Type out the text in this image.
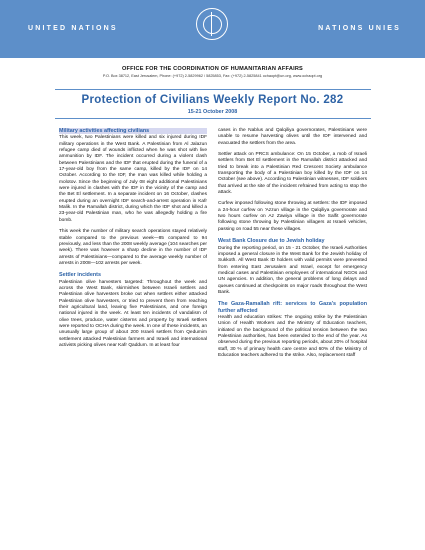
UNITED NATIONS	NATIONS UNIES
OFFICE FOR THE COORDINATION OF HUMANITARIAN AFFAIRS
P.O. Box 38712, East Jerusalem, Phone: (+972) 2-5829962 / 5825853, Fax: (+972) 2-5825841 ochaopt@un.org, www.ochaopt.org
Protection of Civilians Weekly Report No. 282
15-21 October 2008
Military activities affecting civilians

This week, two Palestinians were killed and six injured during IDF military operations in the West Bank. A Palestinian from Al Jalazun refugee camp died of wounds inflicted when he was shot with live ammunition by IDF. The incident occurred during a violent clash between Palestinians and the IDF that erupted during the funeral of a 17-year-old boy from the same camp, killed by the IDF on 14 October. According to the IDF, the man was killed while holding a molotov. Since the beginning of July 08 eight additional Palestinians were injured in clashes with the IDF in the vicinity of the camp and the Bet El settlement. In a separate incident on 16 October, clashes erupted during an overnight IDF search-and-arrest operation in Kafr Malik. In the Ramallah district, during which the IDF shot and killed a 23-year-old Palestinian man, who he was allegedly holding a fire bomb.

This week the number of military search operations stayed relatively stable compared to the previous week—85 compared to 94 previously, and less than the 2008 weekly average (104 searches per week). There was however a sharp decline in the number of IDF arrests of Palestinians—compared to the average weekly number of arrests in 2008—102 arrests per week.

Settler incidents

Palestinian olive harvesters targeted: Throughout the week and across the West Bank, skirmishes between Israeli settlers and Palestinian olive harvesters broke out when settlers either attacked Palestinian olive harvesters, or tried to prevent them from reaching their agricultural land, leaving five Palestinians, and one foreign national injured in the week. At least ten incidents of vandalism of olive trees, produce, water cisterns and property by Israeli settlers were reported to OCHA during the week. In one of these incidents, an unusually large group of about 200 Israeli settlers from Qedumim settlement attacked Palestinian farmers and Israeli and international activists picking olives near Kafr Qaddum. In at least four

cases in the Nablus and Qalqiliya governorates, Palestinians were unable to resume harvesting olives until the IDF intervened and evacuated the settlers from the area.

Settler attack on PRCS ambulance: On 15 October, a mob of Israeli settlers from Bet El settlement in the Ramallah district attacked and tried to break into a Palestinian Red Crescent Society ambulance transporting the body of a Palestinian boy killed by the IDF on 14 October (see above). According to Palestinian witnesses, IDF soldiers that arrived at the site of the incident refrained from acting to stop the attack.

Curfew imposed following stone throwing at settlers: the IDF imposed a 24-hour curfew on 'Azzun village in the Qalqiliya governorate and two hours curfew on Az Zawiya village in the Salfit governorate following stone throwing by Palestinian villagers at Israeli vehicles, passing on road 55 near these villages.

West Bank Closure due to Jewish holiday

During the reporting period, on 15 - 21 October, the Israeli Authorities imposed a general closure in the West Bank for the Jewish holiday of Sukkoth. All West Bank ID holders with valid permits were prevented from entering East Jerusalem and Israel, except for emergency medical cases and Palestinian employees of international NGOs and UN agencies. In addition, the general problems of long delays and queues continued at checkpoints on major roads throughout the West Bank.

The Gaza-Ramallah rift: services to Gaza's population further affected

Health and education strikes: The ongoing strike by the Palestinian Union of Health Workers and the Ministry of Education teachers, initiated on the background of the political tension between the two Palestinian authorities, has been extended to the end of the year. As observed during the previous reporting periods, about 20% of hospital staff, 30 % of primary health care centre and 60% of the Ministry of Education teachers adhered to the strike. Also, replacement staff
